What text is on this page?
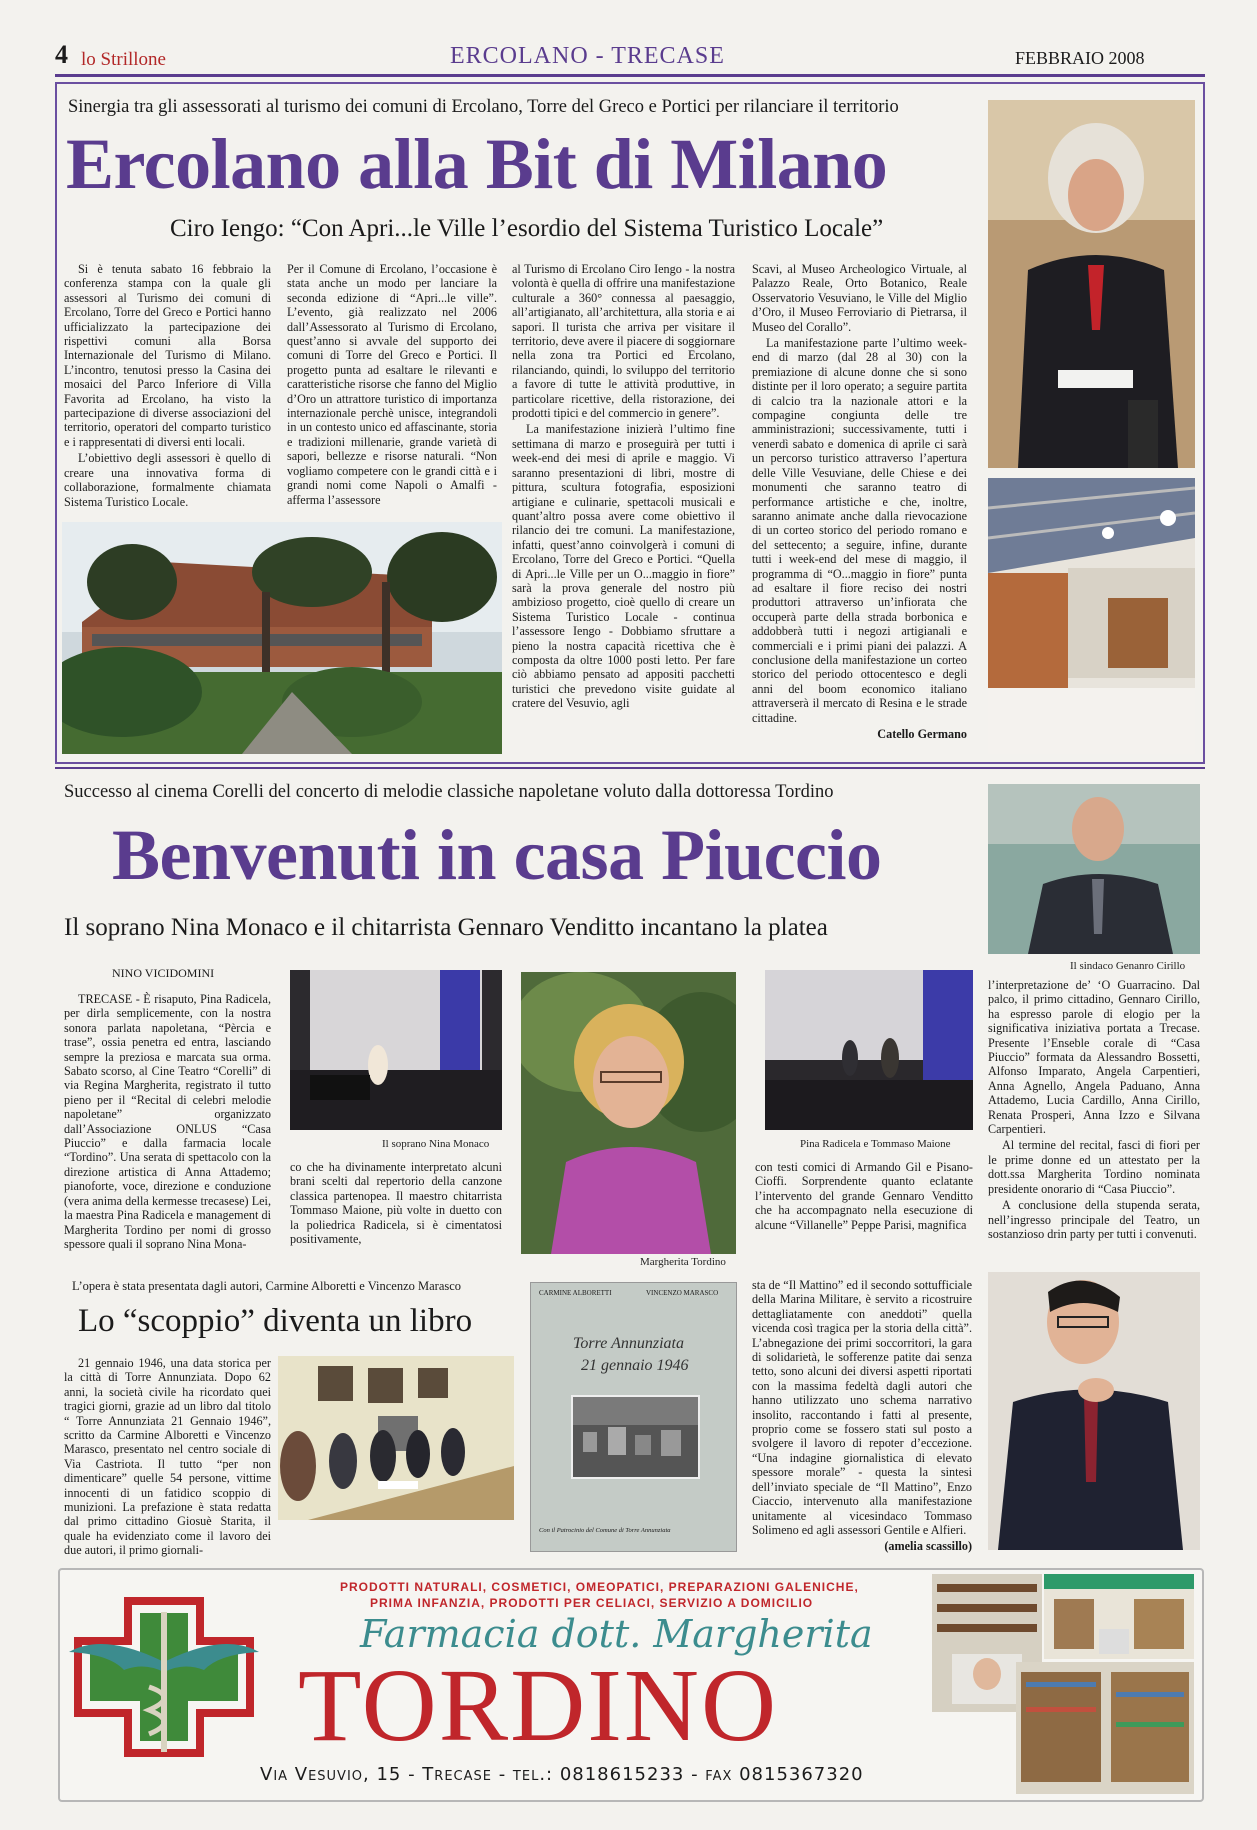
4 lo Strillone	ERCOLANO - TRECASE	FEBBRAIO 2008
Sinergia tra gli assessorati al turismo dei comuni di Ercolano, Torre del Greco e Portici per rilanciare il territorio
Ercolano alla Bit di Milano
Ciro Iengo: “Con Apri...le Ville l’esordio del Sistema Turistico Locale”

Si è tenuta sabato 16 febbraio la conferenza stampa con la quale gli assessori al Turismo dei comuni di Ercolano, Torre del Greco e Portici hanno ufficializzato la partecipazione dei rispettivi comuni alla Borsa Internazionale del Turismo di Milano. L’incontro, tenutosi presso la Casina dei mosaici del Parco Inferiore di Villa Favorita ad Ercolano, ha visto la partecipazione di diverse associazioni del territorio, operatori del comparto turistico e i rappresentati di diversi enti locali.

L’obiettivo degli assessori è quello di creare una innovativa forma di collaborazione, formalmente chiamata Sistema Turistico Locale.

Per il Comune di Ercolano, l’occasione è stata anche un modo per lanciare la seconda edizione di “Apri...le ville”. L’evento, già realizzato nel 2006 dall’Assessorato al Turismo di Ercolano, quest’anno si avvale del supporto dei comuni di Torre del Greco e Portici. Il progetto punta ad esaltare le rilevanti e caratteristiche risorse che fanno del Miglio d’Oro un attrattore turistico di importanza internazionale perchè unisce, integrandoli in un contesto unico ed affascinante, storia e tradizioni millenarie, grande varietà di sapori, bellezze e risorse naturali. “Non vogliamo competere con le grandi città e i grandi nomi come Napoli o Amalfi - afferma l’assessore

al Turismo di Ercolano Ciro Iengo - la nostra volontà è quella di offrire una manifestazione culturale a 360° connessa al paesaggio, all’artigianato, all’architettura, alla storia e ai sapori. Il turista che arriva per visitare il territorio, deve avere il piacere di soggiornare nella zona tra Portici ed Ercolano, rilanciando, quindi, lo sviluppo del territorio a favore di tutte le attività produttive, in particolare ricettive, della ristorazione, dei prodotti tipici e del commercio in genere”.

La manifestazione inizierà l’ultimo fine settimana di marzo e proseguirà per tutti i week-end dei mesi di aprile e maggio. Vi saranno presentazioni di libri, mostre di pittura, scultura fotografia, esposizioni artigiane e culinarie, spettacoli musicali e quant’altro possa avere come obiettivo il rilancio dei tre comuni. La manifestazione, infatti, quest’anno coinvolgerà i comuni di Ercolano, Torre del Greco e Portici. “Quella di Apri...le Ville per un O...maggio in fiore” sarà la prova generale del nostro più ambizioso progetto, cioè quello di creare un Sistema Turistico Locale - continua l’assessore Iengo - Dobbiamo sfruttare a pieno la nostra capacità ricettiva che è composta da oltre 1000 posti letto. Per fare ciò abbiamo pensato ad appositi pacchetti turistici che prevedono visite guidate al cratere del Vesuvio, agli

Scavi, al Museo Archeologico Virtuale, al Palazzo Reale, Orto Botanico, Reale Osservatorio Vesuviano, le Ville del Miglio d’Oro, il Museo Ferroviario di Pietrarsa, il Museo del Corallo”.

La manifestazione parte l’ultimo week-end di marzo (dal 28 al 30) con la premiazione di alcune donne che si sono distinte per il loro operato; a seguire partita di calcio tra la nazionale attori e la compagine congiunta delle tre amministrazioni; successivamente, tutti i venerdì sabato e domenica di aprile ci sarà un percorso turistico attraverso l’apertura delle Ville Vesuviane, delle Chiese e dei monumenti che saranno teatro di performance artistiche e che, inoltre, saranno animate anche dalla rievocazione di un corteo storico del periodo romano e del settecento; a seguire, infine, durante tutti i week-end del mese di maggio, il programma di “O...maggio in fiore” punta ad esaltare il fiore reciso dei nostri produttori attraverso un’infiorata che occuperà parte della strada borbonica e addobberà tutti i negozi artigianali e commerciali e i primi piani dei palazzi. A conclusione della manifestazione un corteo storico del periodo ottocentesco e degli anni del boom economico italiano attraverserà il mercato di Resina e le strade cittadine.

Catello Germano

Successo al cinema Corelli del concerto di melodie classiche napoletane voluto dalla dottoressa Tordino
Benvenuti in casa Piuccio
Il soprano Nina Monaco e il chitarrista Gennaro Venditto incantano la platea
Il sindaco Genanro Cirillo
NINO VICIDOMINI

TRECASE - È risaputo, Pina Radicela, per dirla semplicemente, con la nostra sonora parlata napoletana, “Pèrcia e trase”, ossia penetra ed entra, lasciando sempre la preziosa e marcata sua orma. Sabato scorso, al Cine Teatro “Corelli” di via Regina Margherita, registrato il tutto pieno per il “Recital di celebri melodie napoletane” organizzato dall’Associazione ONLUS “Casa Piuccio” e dalla farmacia locale “Tordino”. Una serata di spettacolo con la direzione artistica di Anna Attademo; pianoforte, voce, direzione e conduzione (vera anima della kermesse trecasese) Lei, la maestra Pina Radicela e management di Margherita Tordino per nomi di grosso spessore quali il soprano Nina Mona-

Il soprano Nina Monaco

co che ha divinamente interpretato alcuni brani scelti dal repertorio della canzone classica partenopea. Il maestro chitarrista Tommaso Maione, più volte in duetto con la poliedrica Radicela, si è cimentatosi positivamente,

Margherita Tordino
Pina Radicela e Tommaso Maione

con testi comici di Armando Gil e Pisano-Cioffi. Sorprendente quanto eclatante l’intervento del grande Gennaro Venditto che ha accompagnato nella esecuzione di alcune “Villanelle” Peppe Parisi, magnifica

l’interpretazione de’ ‘O Guarracino. Dal palco, il primo cittadino, Gennaro Cirillo, ha espresso parole di elogio per la significativa iniziativa portata a Trecase. Presente l’Enseble corale di “Casa Piuccio” formata da Alessandro Bossetti, Alfonso Imparato, Angela Carpentieri, Anna Agnello, Angela Paduano, Anna Attademo, Lucia Cardillo, Anna Cirillo, Renata Prosperi, Anna Izzo e Silvana Carpentieri.

Al termine del recital, fasci di fiori per le prime donne ed un attestato per la dott.ssa Margherita Tordino nominata presidente onorario di “Casa Piuccio”.

A conclusione della stupenda serata, nell’ingresso principale del Teatro, un sostanzioso drin party per tutti i convenuti.

L’opera è stata presentata dagli autori, Carmine Alboretti e Vincenzo Marasco
Lo “scoppio” diventa un libro

21 gennaio 1946, una data storica per la città di Torre Annunziata. Dopo 62 anni, la società civile ha ricordato quei tragici giorni, grazie ad un libro dal titolo “ Torre Annunziata 21 Gennaio 1946”, scritto da Carmine Alboretti e Vincenzo Marasco, presentato nel centro sociale di Via Castriota. Il tutto “per non dimenticare” quelle 54 persone, vittime innocenti di un fatidico scoppio di munizioni. La prefazione è stata redatta dal primo cittadino Giosuè Starita, il quale ha evidenziato come il lavoro dei due autori, il primo giornali-

CARMINE ALBORETTI	VINCENZO MARASCO
Torre Annunziata
21 gennaio 1946
Con il Patrocinio del Comune di Torre Annunziata

sta de “Il Mattino” ed il secondo sottufficiale della Marina Militare, è servito a ricostruire dettagliatamente con aneddoti” quella vicenda così tragica per la storia della città”. L’abnegazione dei primi soccorritori, la gara di solidarietà, le sofferenze patite dai senza tetto, sono alcuni dei diversi aspetti riportati con la massima fedeltà dagli autori che hanno utilizzato uno schema narrativo insolito, raccontando i fatti al presente, proprio come se fossero stati sul posto a svolgere il lavoro di repoter d’eccezione. “Una indagine giornalistica di elevato spessore morale” - questa la sintesi dell’inviato speciale de “Il Mattino”, Enzo Ciaccio, intervenuto alla manifestazione unitamente al vicesindaco Tommaso Solimeno ed agli assessori Gentile e Alfieri.

(amelia scassillo)

PRODOTTI NATURALI, COSMETICI, OMEOPATICI, PREPARAZIONI GALENICHE,
PRIMA INFANZIA, PRODOTTI PER CELIACI, SERVIZIO A DOMICILIO
Farmacia dott. Margherita
TORDINO
Via Vesuvio, 15 - Trecase - tel.: 0818615233 - fax 0815367320
